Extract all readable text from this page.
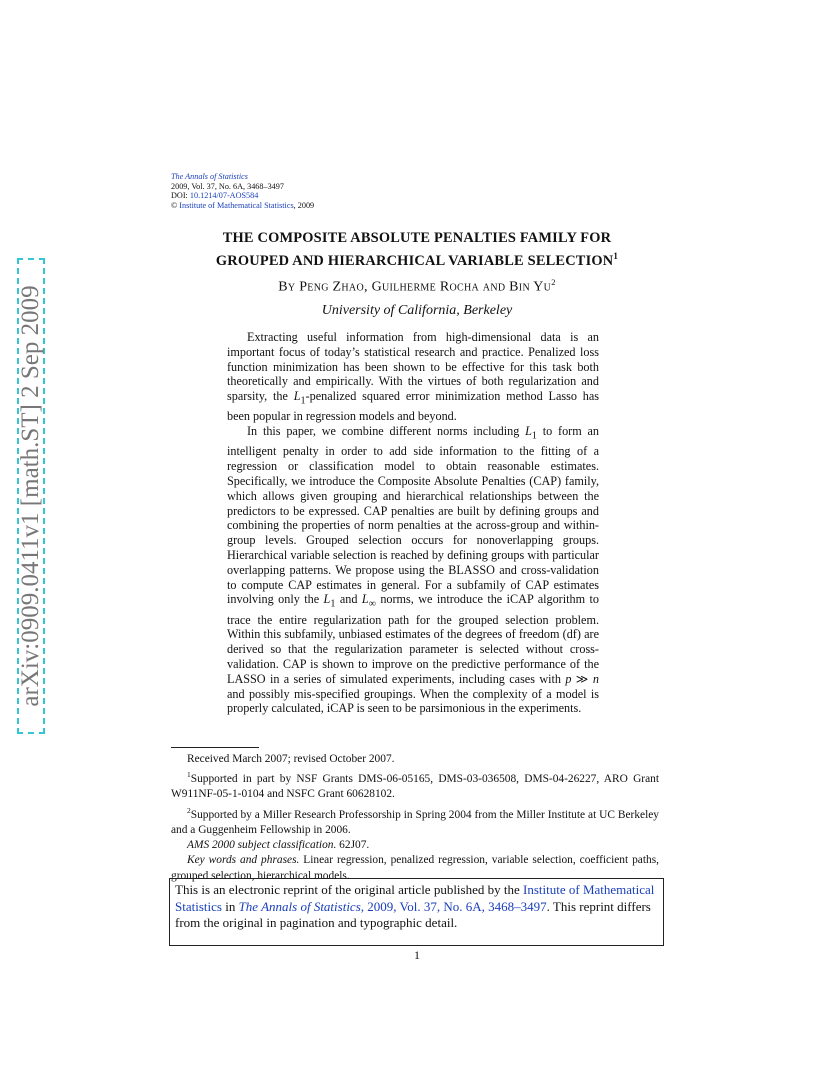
arXiv:0909.0411v1 [math.ST] 2 Sep 2009
The Annals of Statistics
2009, Vol. 37, No. 6A, 3468–3497
DOI: 10.1214/07-AOS584
© Institute of Mathematical Statistics, 2009
THE COMPOSITE ABSOLUTE PENALTIES FAMILY FOR
GROUPED AND HIERARCHICAL VARIABLE SELECTION$^1$
By Peng Zhao, Guilherme Rocha and Bin Yu$^2$
University of California, Berkeley

Extracting useful information from high-dimensional data is an important focus of today’s statistical research and practice. Penalized loss function minimization has been shown to be effective for this task both theoretically and empirically. With the virtues of both regularization and sparsity, the $L_1$-penalized squared error minimization method Lasso has been popular in regression models and beyond.

In this paper, we combine different norms including $L_1$ to form an intelligent penalty in order to add side information to the fitting of a regression or classification model to obtain reasonable estimates. Specifically, we introduce the Composite Absolute Penalties (CAP) family, which allows given grouping and hierarchical relationships between the predictors to be expressed. CAP penalties are built by defining groups and combining the properties of norm penalties at the across-group and within-group levels. Grouped selection occurs for nonoverlapping groups. Hierarchical variable selection is reached by defining groups with particular overlapping patterns. We propose using the BLASSO and cross-validation to compute CAP estimates in general. For a subfamily of CAP estimates involving only the $L_1$ and $L_\infty$ norms, we introduce the iCAP algorithm to trace the entire regularization path for the grouped selection problem. Within this subfamily, unbiased estimates of the degrees of freedom (df) are derived so that the regularization parameter is selected without cross-validation. CAP is shown to improve on the predictive performance of the LASSO in a series of simulated experiments, including cases with p ≫ n and possibly mis-specified groupings. When the complexity of a model is properly calculated, iCAP is seen to be parsimonious in the experiments.

Received March 2007; revised October 2007.

$^1$Supported in part by NSF Grants DMS-06-05165, DMS-03-036508, DMS-04-26227, ARO Grant W911NF-05-1-0104 and NSFC Grant 60628102.

$^2$Supported by a Miller Research Professorship in Spring 2004 from the Miller Institute at UC Berkeley and a Guggenheim Fellowship in 2006.

AMS 2000 subject classification. 62J07.

Key words and phrases. Linear regression, penalized regression, variable selection, coefficient paths, grouped selection, hierarchical models.

This is an electronic reprint of the original article published by the Institute of Mathematical Statistics in The Annals of Statistics, 2009, Vol. 37, No. 6A, 3468–3497. This reprint differs from the original in pagination and typographic detail.
1
